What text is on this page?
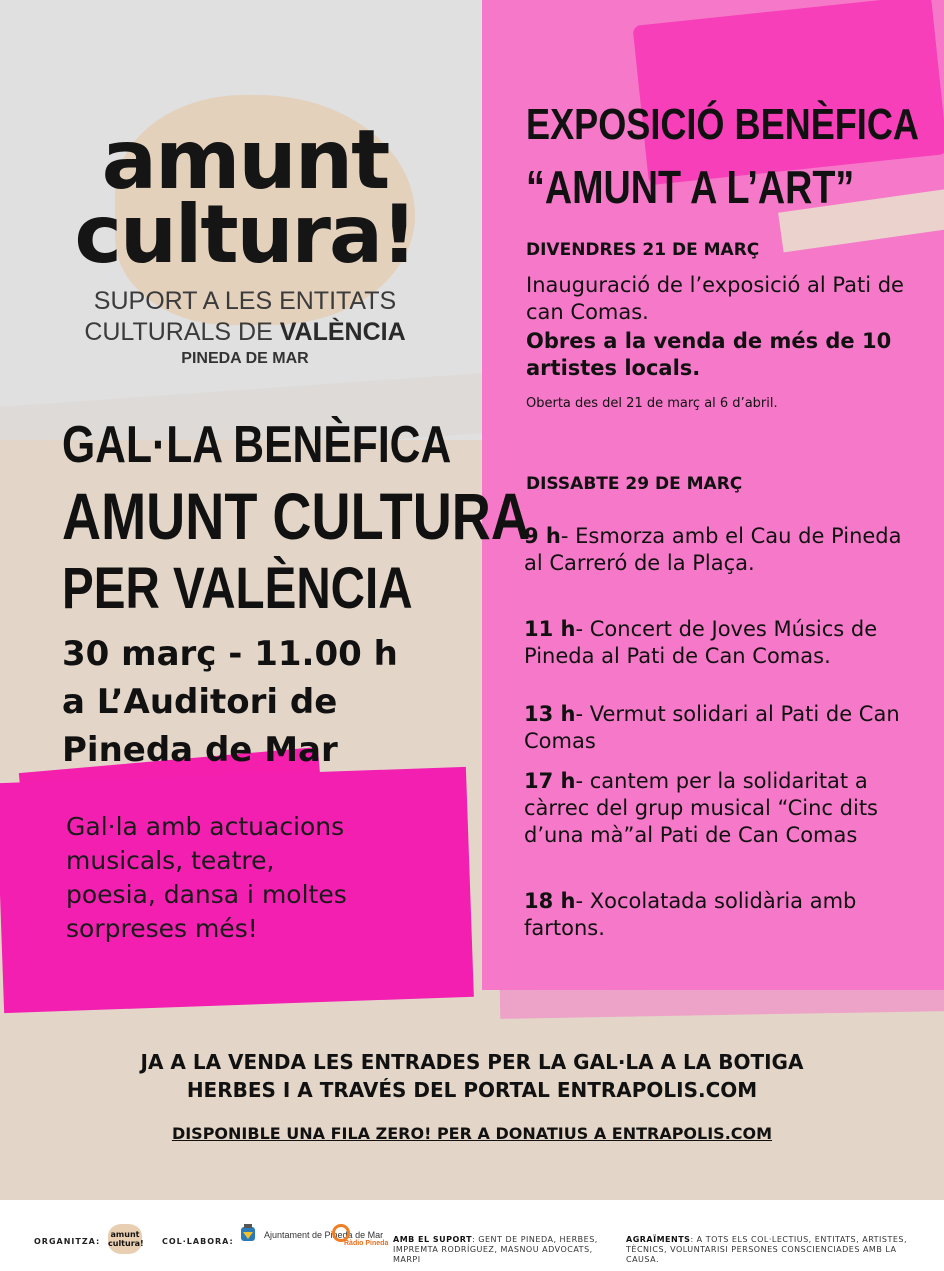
amunt
cultura!
SUPORT A LES ENTITATS
CULTURALS DE VALÈNCIA
PINEDA DE MAR
GAL·LA BENÈFICA
AMUNT CULTURA
PER VALÈNCIA
30 març - 11.00 h
a L’Auditori de
Pineda de Mar
Gal·la amb actuacions
musicals, teatre,
poesia, dansa i moltes
sorpreses més!
EXPOSICIÓ BENÈFICA
“AMUNT A L’ART”
DIVENDRES 21 DE MARÇ
Inauguració de l’exposició al Pati de can Comas.
Obres a la venda de més de 10 artistes locals.
Oberta des del 21 de març al 6 d’abril.
DISSABTE 29 DE MARÇ
9 h- Esmorza amb el Cau de Pineda al Carreró de la Plaça.
11 h- Concert de Joves Músics de Pineda al Pati de Can Comas.
13 h- Vermut solidari al Pati de Can Comas
17 h- cantem per la solidaritat a càrrec del grup musical “Cinc dits d’una mà”al Pati de Can Comas
18 h- Xocolatada solidària amb fartons.
JA A LA VENDA LES ENTRADES PER LA GAL·LA A LA BOTIGA
HERBES I A TRAVÉS DEL PORTAL ENTRAPOLIS.COM
DISPONIBLE UNA FILA ZERO! PER A DONATIUS A ENTRAPOLIS.COM
ORGANITZA:
amunt cultura! COL·LABORA:
Ajuntament de Pineda de Mar
Ràdio Pineda AMB EL SUPORT: GENT DE PINEDA, HERBES, IMPREMTA RODRÍGUEZ, MASNOU ADVOCATS, MARPI
AGRAÏMENTS: A TOTS ELS COL·LECTIUS, ENTITATS, ARTISTES, TÈCNICS, VOLUNTARISI PERSONES CONSCIENCIADES AMB LA CAUSA.
